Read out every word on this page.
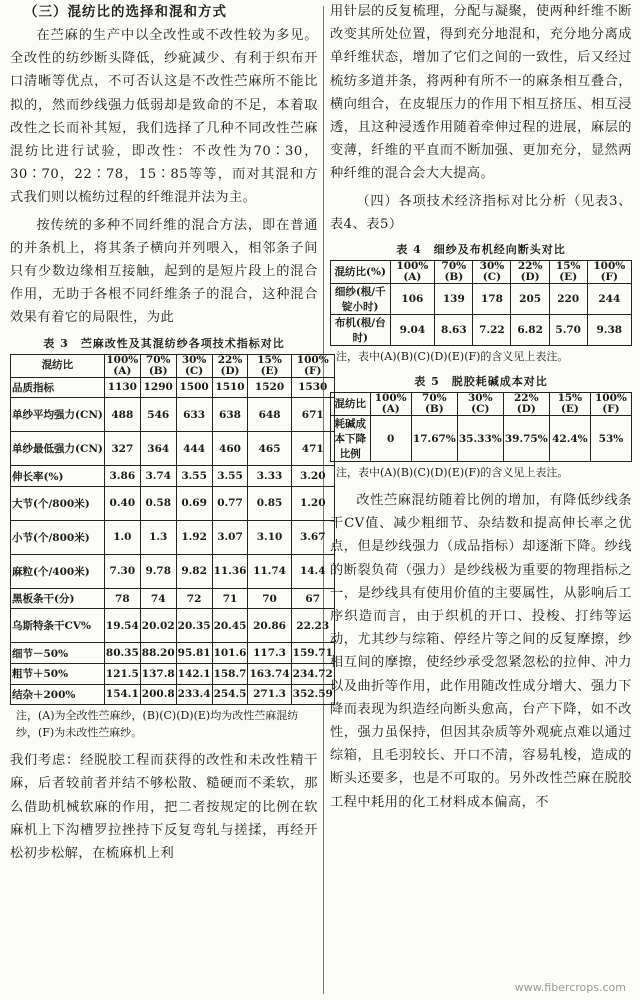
（三）混纺比的选择和混和方式

在苎麻的生产中以全改性或不改性较为多见。全改性的纺纱断头降低，纱疵减少、有利于织布开口清晰等优点，不可否认这是不改性苎麻所不能比拟的，然而纱线强力低弱却是致命的不足，本着取改性之长而补其短，我们选择了几种不同改性苎麻混纺比进行试验，即改性：不改性为70∶30，30∶70，22∶78，15∶85等等，而对其混和方式我们则以梳纺过程的纤维混并法为主。

按传统的多种不同纤维的混合方法，即在普通的并条机上，将其条子横向并列喂入，相邻条子间只有少数边缘相互接触，起到的是短片段上的混合作用，无助于各根不同纤维条子的混合，这种混合效果有着它的局限性，为此

表 3　苎麻改性及其混纺纱各项技术指标对比
混纺比	100%(A)	70%(B)	30%(C)	22%(D)	15%(E)	100%(F)
品质指标	1130	1290	1500	1510	1520	1530
单纱平均强力(CN)	488	546	633	638	648	671
单纱最低强力(CN)	327	364	444	460	465	471
伸长率(%)	3.86	3.74	3.55	3.55	3.33	3.20
大节(个/800米)	0.40	0.58	0.69	0.77	0.85	1.20
小节(个/800米)	1.0	1.3	1.92	3.07	3.10	3.67
麻粒(个/400米)	7.30	9.78	9.82	11.36	11.74	14.4
黑板条干(分)	78	74	72	71	70	67
乌斯特条干CV%	19.54	20.02	20.35	20.45	20.86	22.23
细节－50%	80.35	88.20	95.81	101.6	117.3	159.71
粗节＋50%	121.5	137.8	142.1	158.7	163.74	234.72
结杂＋200%	154.1	200.8	233.4	254.5	271.3	352.59
注，(A)为全改性苎麻纱，(B)(C)(D)(E)均为改性苎麻混纺纱，(F)为未改性苎麻纱。

我们考虑：经脱胶工程而获得的改性和未改性精干麻，后者较前者并结不够松散、糙硬而不柔软，那么借助机械软麻的作用，把二者按规定的比例在软麻机上下沟槽罗拉挫持下反复弯轧与搓揉，再经开松初步松解，在梳麻机上利

用针层的反复梳理，分配与凝聚，使两种纤维不断改变其所处位置，得到充分地混和，充分地分离成单纤维状态，增加了它们之间的一致性，后又经过梳纺多道并条，将两种有所不一的麻条相互叠合，横向组合，在皮辊压力的作用下相互挤压、相互浸透，且这种浸透作用随着牵伸过程的进展，麻层的变薄，纤维的平直而不断加强、更加充分，显然两种纤维的混合会大大提高。

（四）各项技术经济指标对比分析（见表3、表4、表5）

表 4　细纱及布机经向断头对比
混纺比(%)	100%(A)	70%(B)	30%(C)	22%(D)	15%(E)	100%(F)
细纱(根/千锭小时)	106	139	178	205	220	244
布机(根/台时)	9.04	8.63	7.22	6.82	5.70	9.38
注，表中(A)(B)(C)(D)(E)(F)的含义见上表注。
表 5　脱胶耗碱成本对比
混纺比	100%(A)	70%(B)	30%(C)	22%(D)	15%(E)	100%(F)
耗碱成本下降比例	0	17.67%	35.33%	39.75%	42.4%	53%
注，表中(A)(B)(C)(D)(E)(F)的含义见上表注。

改性苎麻混纺随着比例的增加，有降低纱线条干CV值、减少粗细节、杂结数和提高伸长率之优点，但是纱线强力（成品指标）却逐渐下降。纱线的断裂负荷（强力）是纱线极为重要的物理指标之一，是纱线具有使用价值的主要属性，从影响后工序织造而言，由于织机的开口、投梭、打纬等运动，尤其纱与综箱、停经片等之间的反复摩擦，纱相互间的摩擦，使经纱承受忽紧忽松的拉伸、冲力以及曲折等作用，此作用随改性成分增大、强力下降而表现为织造经向断头愈高，台产下降，如不改性，强力虽保持，但因其杂质等外观疵点难以通过综箱，且毛羽较长、开口不清，容易轧梭，造成的断头还要多，也是不可取的。另外改性苎麻在脱胶工程中耗用的化工材料成本偏高，不

www.fibercrops.com
